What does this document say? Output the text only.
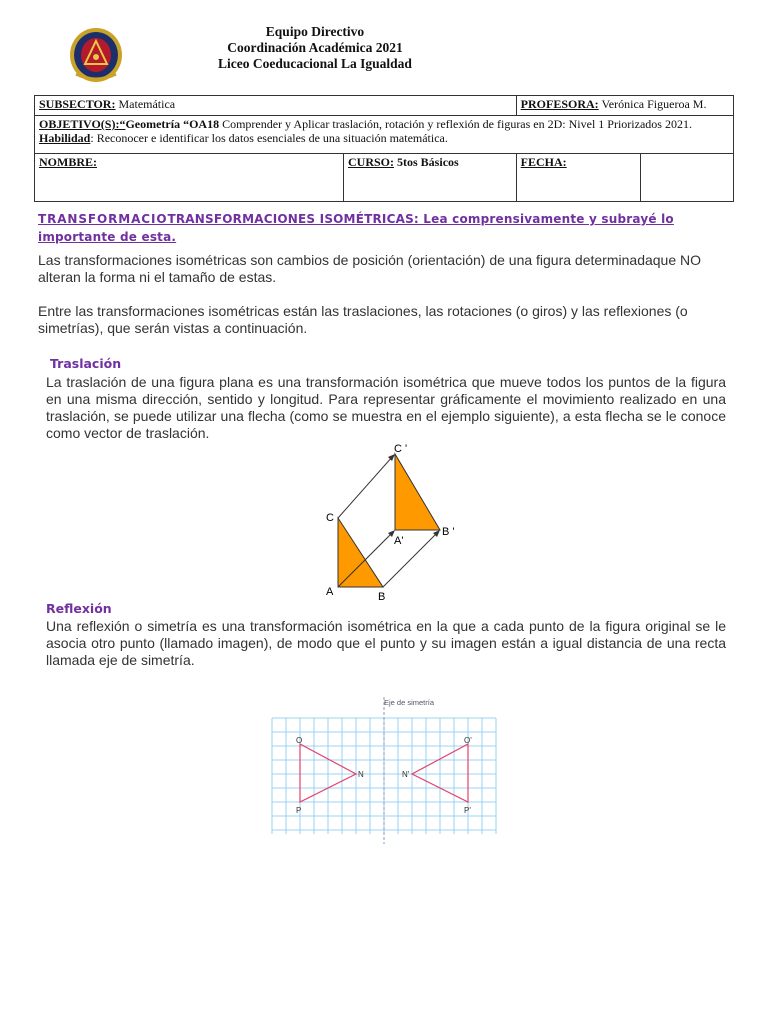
Equipo Directivo
Coordinación Académica 2021
Liceo Coeducacional La Igualdad
SUBSECTOR: Matemática		PROFESORA: Verónica Figueroa M.	

OBJETIVO(S):“Geometría “OA18 Comprender y Aplicar traslación, rotación y reflexión de figuras en 2D: Nivel 1 Priorizados 2021.
Habilidad: Reconocer e identificar los datos esenciales de una situación matemática.			

NOMBRE:	CURSO: 5tos Básicos	FECHA:	
TRANSFORMACIOTRANSFORMACIONES ISOMÉTRICAS: Lea comprensivamente y subrayé lo importante de esta.
Las transformaciones isométricas son cambios de posición (orientación) de una figura determinadaque NO alteran la forma ni el tamaño de estas.
Entre las transformaciones isométricas están las traslaciones, las rotaciones (o giros) y las reflexiones (o simetrías), que serán vistas a continuación.
Traslación
La traslación de una figura plana es una transformación isométrica que mueve todos los puntos de la figura en una misma dirección, sentido y longitud. Para representar gráficamente el movimiento realizado en una traslación, se puede utilizar una flecha (como se muestra en el ejemplo siguiente), a esta flecha se le conoce como vector de traslación.
A	B
C
A'
B '
C '
Reflexión
Una reflexión o simetría es una transformación isométrica en la que a cada punto de la figura original se le asocia otro punto (llamado imagen), de modo que el punto y su imagen están a igual distancia de una recta llamada eje de simetría.
Eje de simetría
O
P
N
O'
P'
N'
